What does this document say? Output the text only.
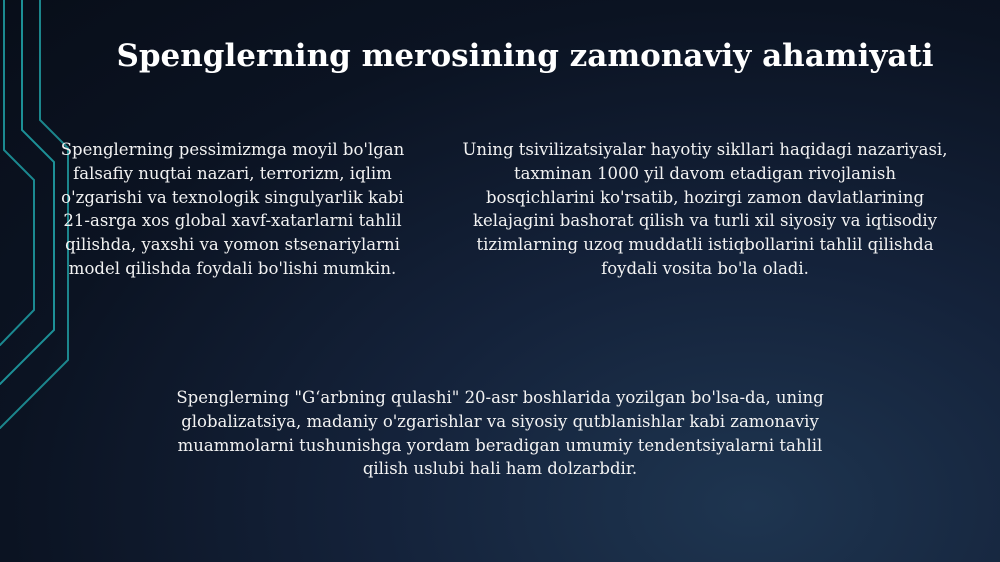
Spenglerning merosining zamonaviy ahamiyati
Spenglerning pessimizmga moyil bo'lgan
falsafiy nuqtai nazari, terrorizm, iqlim
o'zgarishi va texnologik singulyarlik kabi
21-asrga xos global xavf-xatarlarni tahlil
qilishda, yaxshi va yomon stsenariylarni
model qilishda foydali bo'lishi mumkin.
Uning tsivilizatsiyalar hayotiy sikllari haqidagi nazariyasi,
taxminan 1000 yil davom etadigan rivojlanish
bosqichlarini ko'rsatib, hozirgi zamon davlatlarining
kelajagini bashorat qilish va turli xil siyosiy va iqtisodiy
tizimlarning uzoq muddatli istiqbollarini tahlil qilishda
foydali vosita bo'la oladi.
Spenglerning "G‘arbning qulashi" 20-asr boshlarida yozilgan bo'lsa-da, uning
globalizatsiya, madaniy o'zgarishlar va siyosiy qutblanishlar kabi zamonaviy
muammolarni tushunishga yordam beradigan umumiy tendentsiyalarni tahlil
qilish uslubi hali ham dolzarbdir.
